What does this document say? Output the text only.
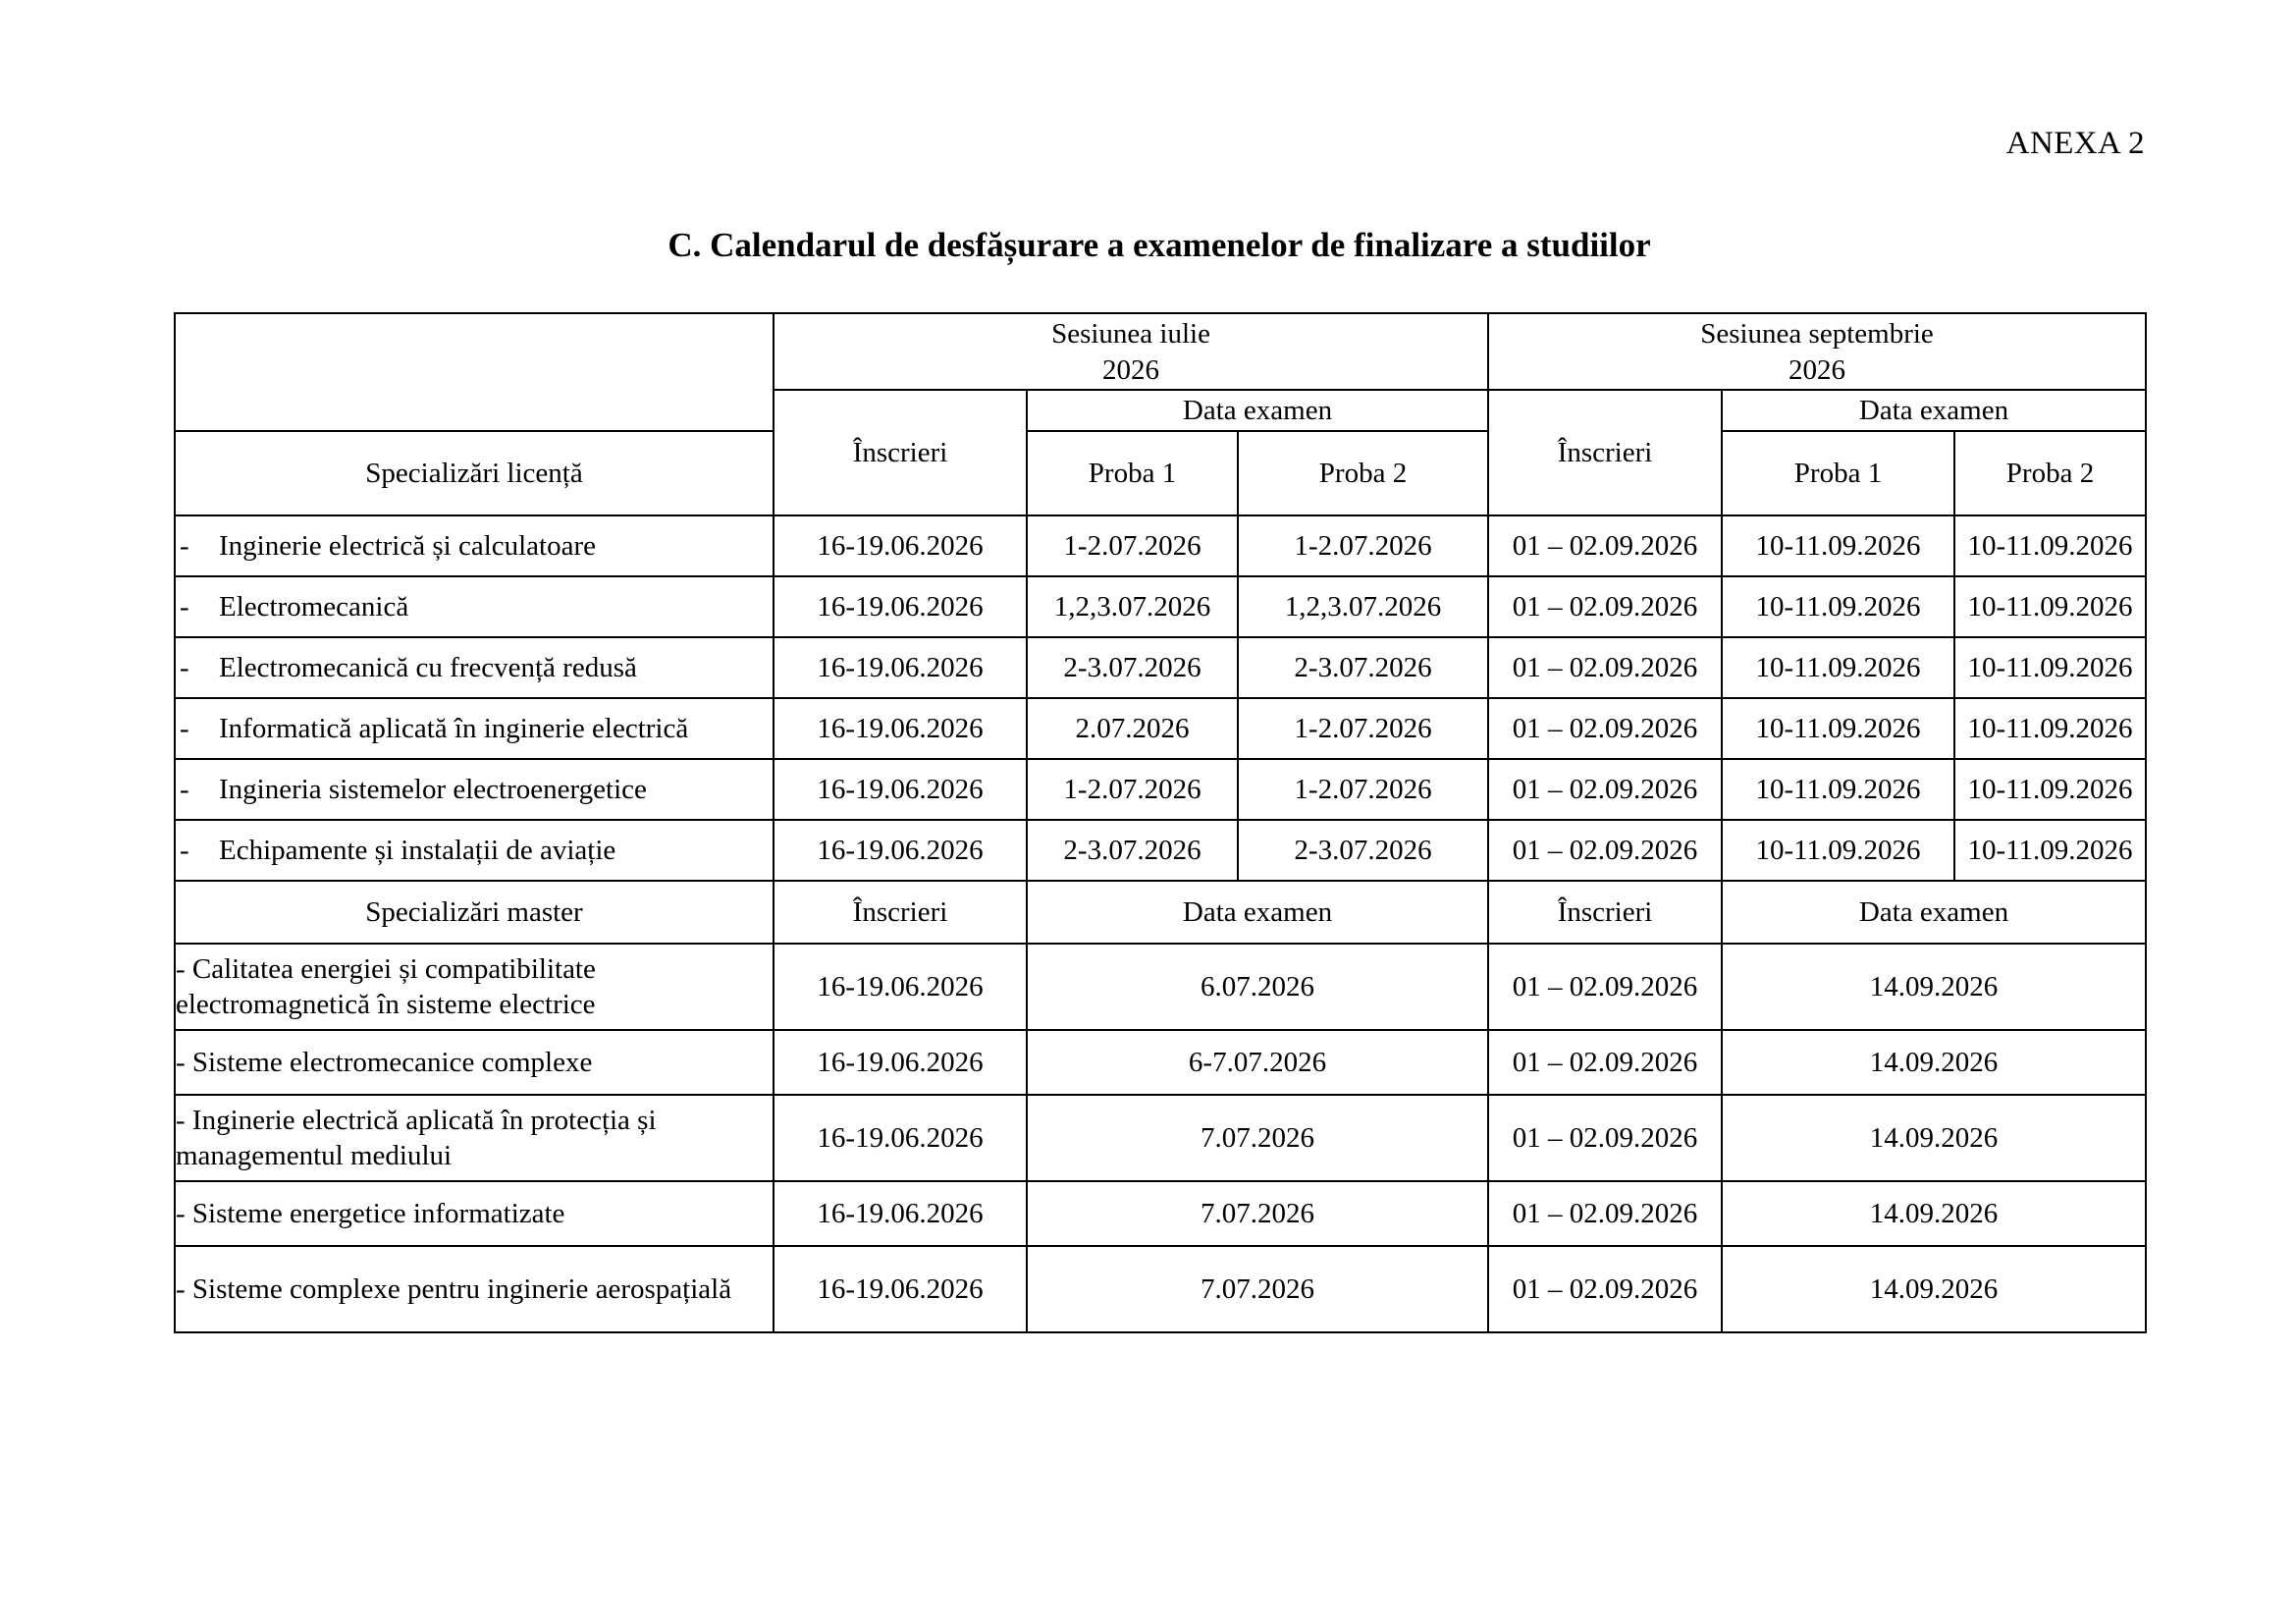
ANEXA 2
C. Calendarul de desfășurare a examenelor de finalizare a studiilor

	Sesiunea iulie
2026			Sesiunea septembrie
2026		

	Înscrieri	Data examen		Înscrieri	Data examen	
Specializări licență		Proba 1	Proba 2		Proba 1	Proba 2

- Inginerie electrică și calculatoare	16-19.06.2026	1-2.07.2026	1-2.07.2026	01 – 02.09.2026	10-11.09.2026	10-11.09.2026

- Electromecanică	16-19.06.2026	1,2,3.07.2026	1,2,3.07.2026	01 – 02.09.2026	10-11.09.2026	10-11.09.2026

- Electromecanică cu frecvență redusă	16-19.06.2026	2-3.07.2026	2-3.07.2026	01 – 02.09.2026	10-11.09.2026	10-11.09.2026

- Informatică aplicată în inginerie electrică	16-19.06.2026	2.07.2026	1-2.07.2026	01 – 02.09.2026	10-11.09.2026	10-11.09.2026

- Ingineria sistemelor electroenergetice	16-19.06.2026	1-2.07.2026	1-2.07.2026	01 – 02.09.2026	10-11.09.2026	10-11.09.2026

- Echipamente și instalații de aviație	16-19.06.2026	2-3.07.2026	2-3.07.2026	01 – 02.09.2026	10-11.09.2026	10-11.09.2026
Specializări master	Înscrieri	Data examen		Înscrieri	Data examen	
- Calitatea energiei și compatibilitate electromagnetică în sisteme electrice	16-19.06.2026	6.07.2026		01 – 02.09.2026	14.09.2026	
- Sisteme electromecanice complexe	16-19.06.2026	6-7.07.2026		01 – 02.09.2026	14.09.2026	
- Inginerie electrică aplicată în protecția și managementul mediului	16-19.06.2026	7.07.2026		01 – 02.09.2026	14.09.2026	
- Sisteme energetice informatizate	16-19.06.2026	7.07.2026		01 – 02.09.2026	14.09.2026	
- Sisteme complexe pentru inginerie aerospațială	16-19.06.2026	7.07.2026		01 – 02.09.2026	14.09.2026	
